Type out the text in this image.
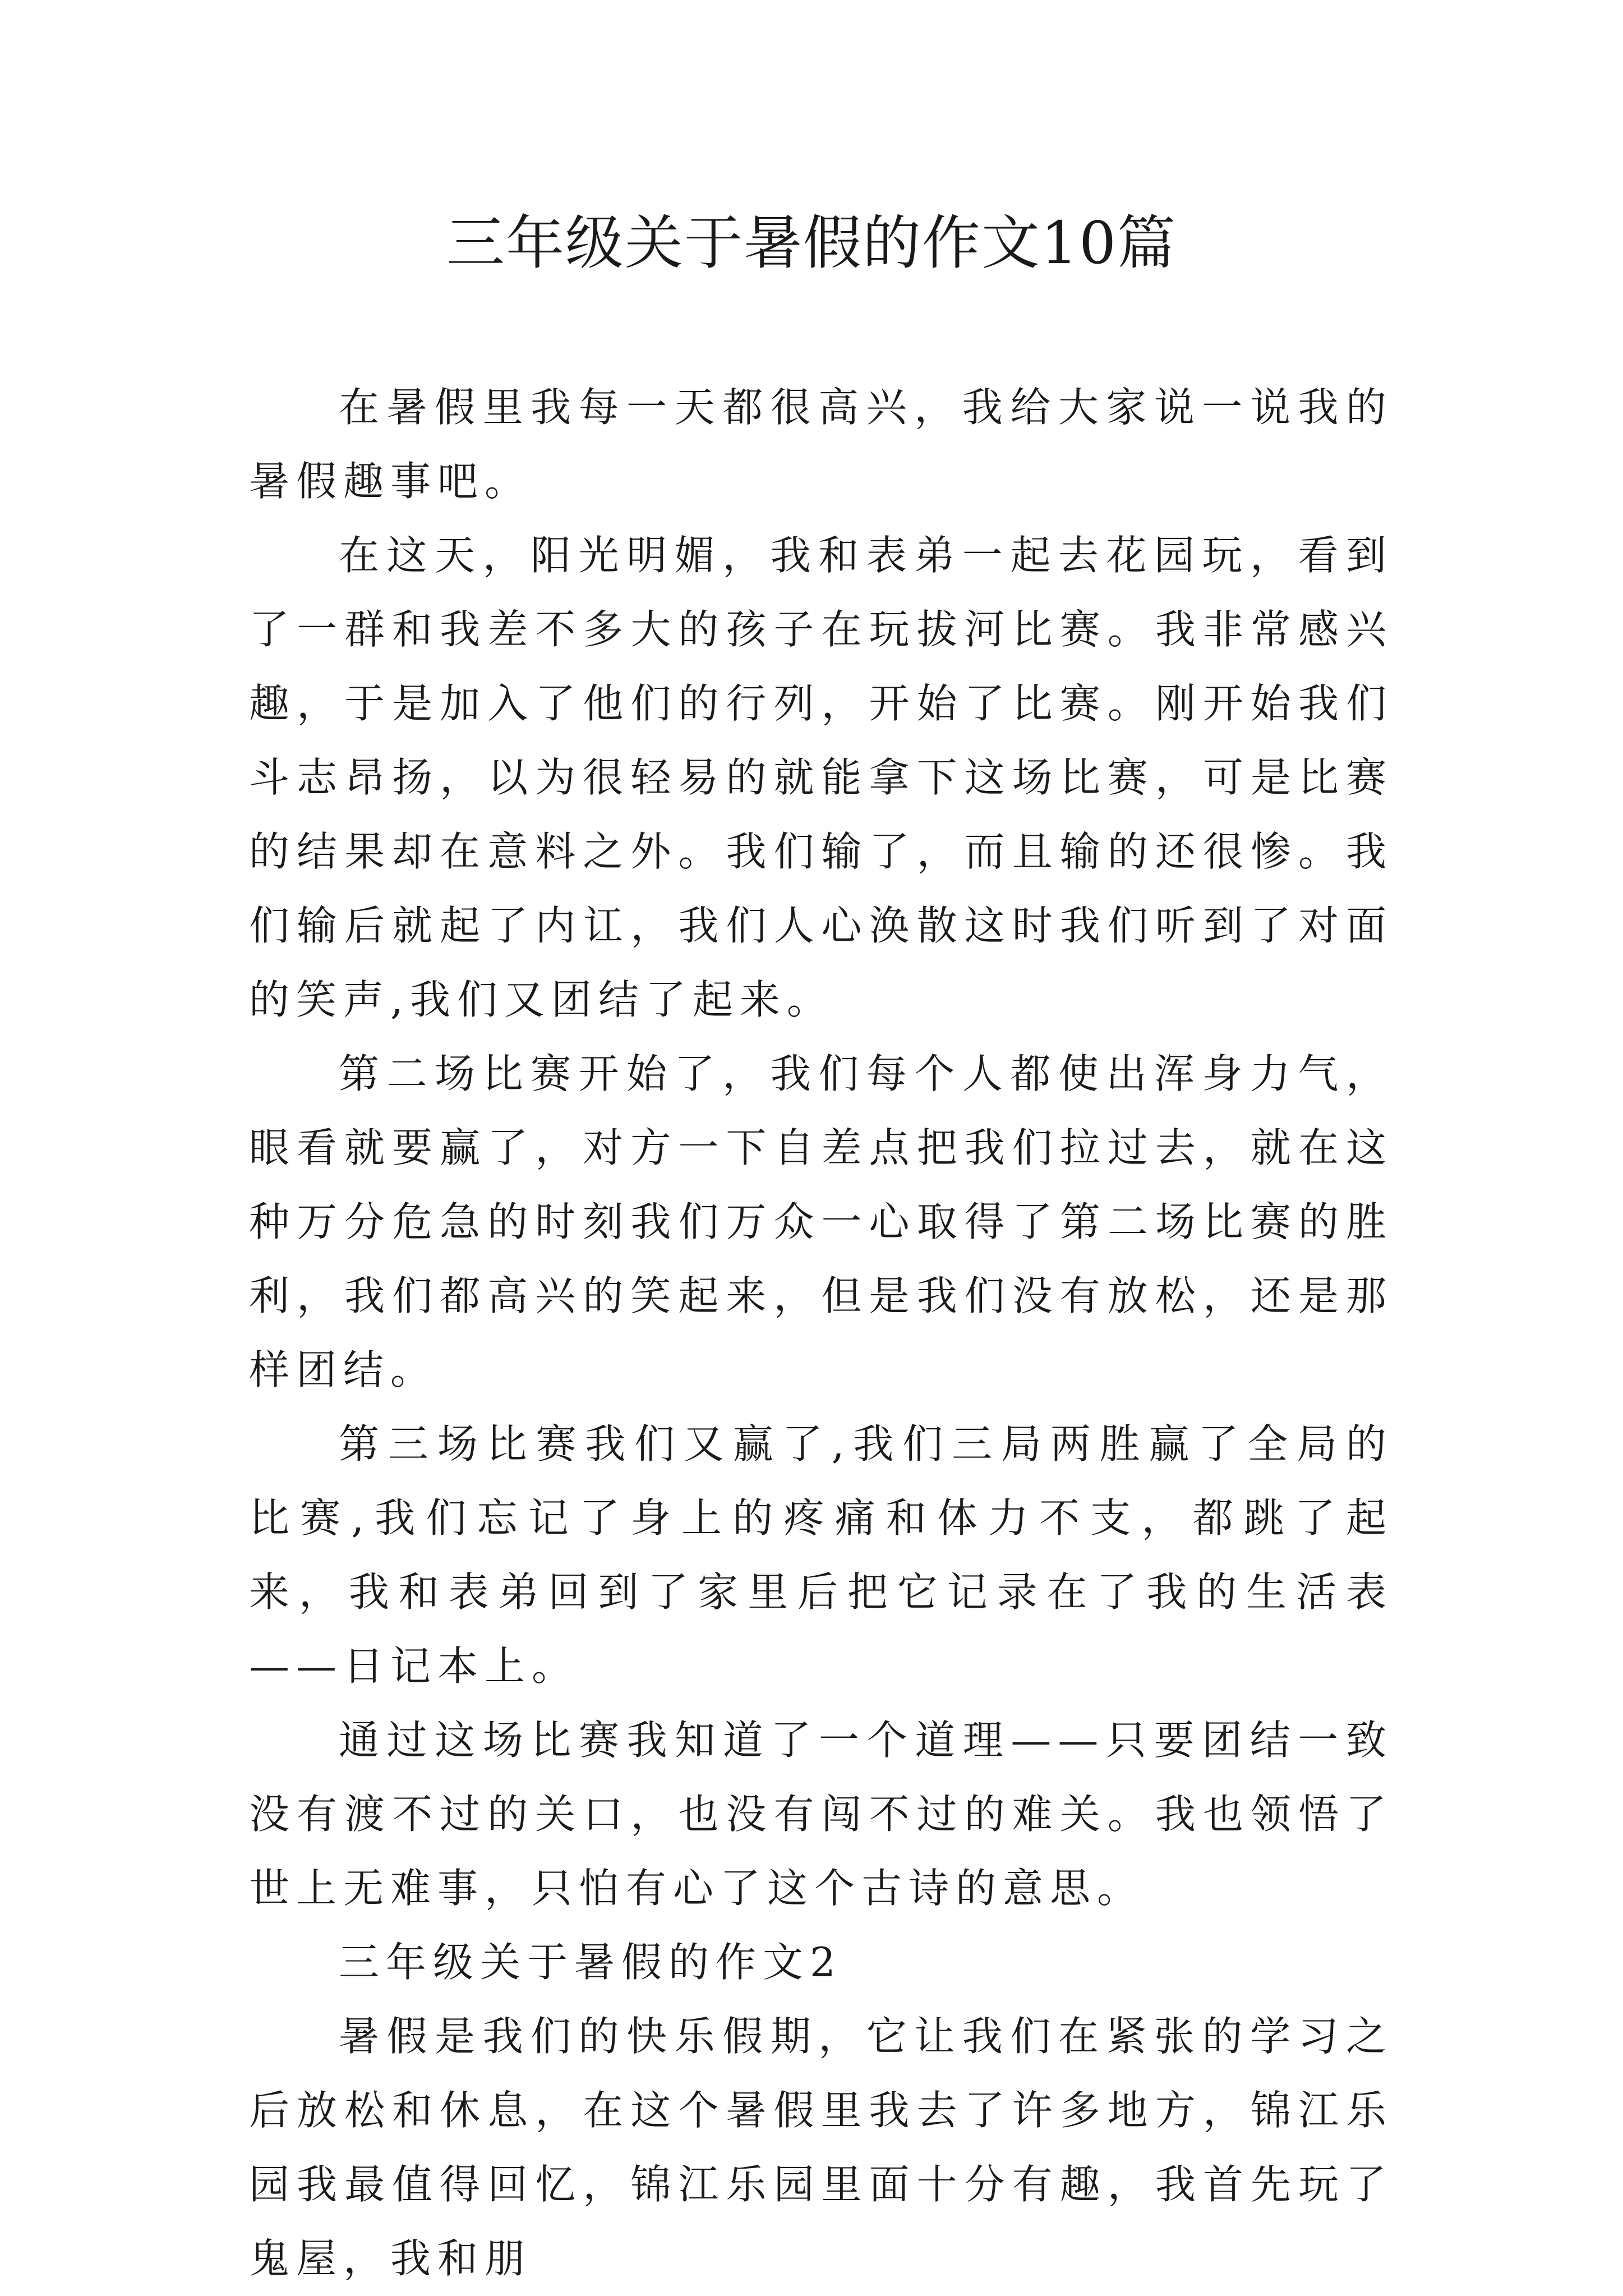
三年级关于暑假的作文10篇

在暑假里我每一天都很高兴，我给大家说一说我的暑假趣事吧。

在这天，阳光明媚，我和表弟一起去花园玩，看到了一群和我差不多大的孩子在玩拔河比赛。我非常感兴趣，于是加入了他们的行列，开始了比赛。刚开始我们斗志昂扬，以为很轻易的就能拿下这场比赛，可是比赛的结果却在意料之外。我们输了，而且输的还很惨。我们输后就起了内讧，我们人心涣散这时我们听到了对面的笑声,我们又团结了起来。

第二场比赛开始了，我们每个人都使出浑身力气，眼看就要赢了，对方一下自差点把我们拉过去，就在这种万分危急的时刻我们万众一心取得了第二场比赛的胜利，我们都高兴的笑起来，但是我们没有放松，还是那样团结。

第三场比赛我们又赢了,我们三局两胜赢了全局的比赛,我们忘记了身上的疼痛和体力不支，都跳了起来，我和表弟回到了家里后把它记录在了我的生活表——日记本上。

通过这场比赛我知道了一个道理——只要团结一致没有渡不过的关口，也没有闯不过的难关。我也领悟了世上无难事，只怕有心了这个古诗的意思。

三年级关于暑假的作文2

暑假是我们的快乐假期，它让我们在紧张的学习之后放松和休息，在这个暑假里我去了许多地方，锦江乐园我最值得回忆，锦江乐园里面十分有趣，我首先玩了鬼屋，我和朋
